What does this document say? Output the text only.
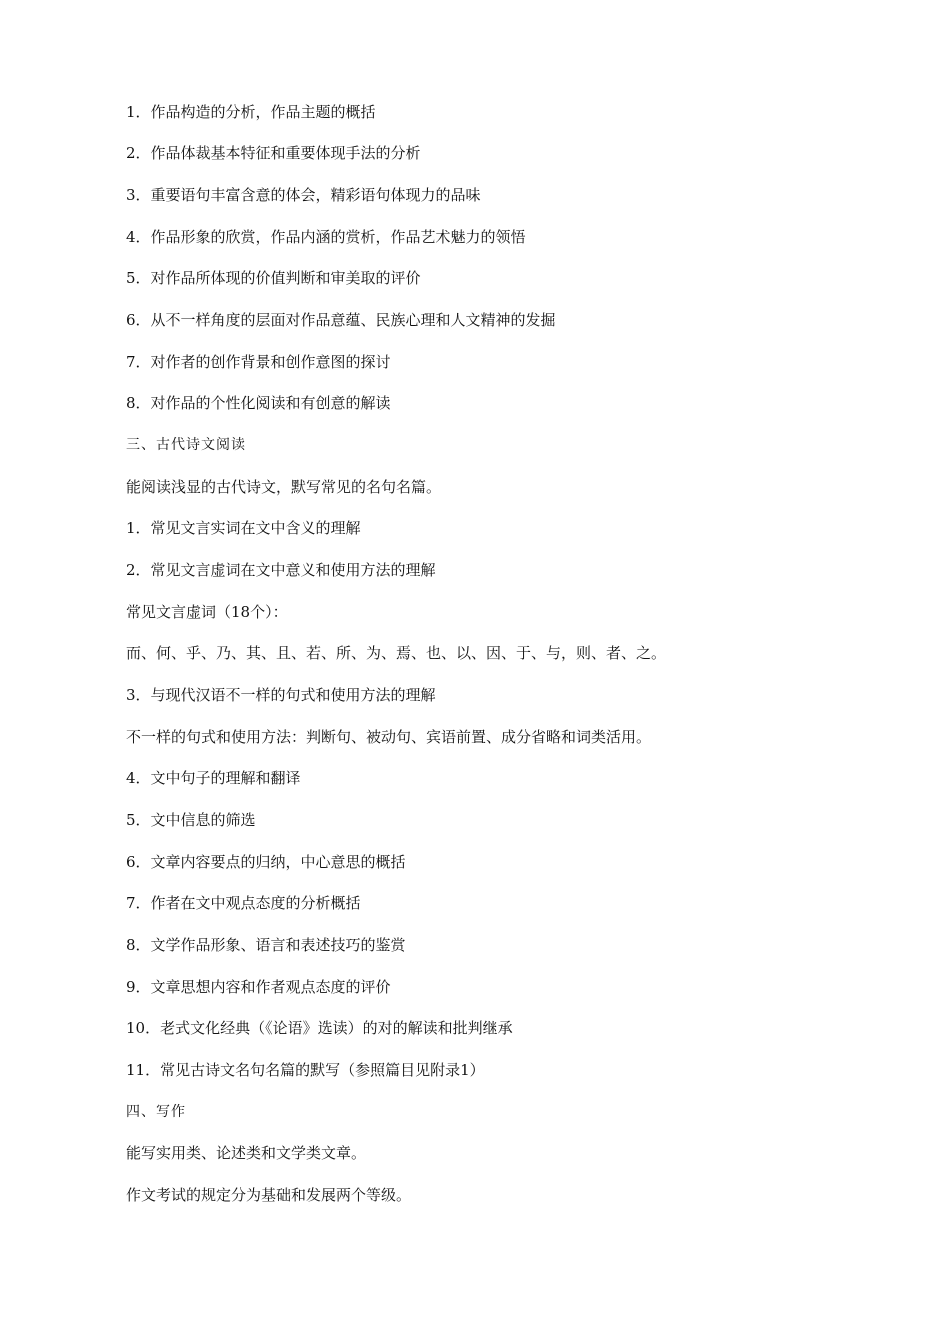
1．作品构造的分析，作品主题的概括
2．作品体裁基本特征和重要体现手法的分析
3．重要语句丰富含意的体会，精彩语句体现力的品味
4．作品形象的欣赏，作品内涵的赏析，作品艺术魅力的领悟
5．对作品所体现的价值判断和审美取的评价
6．从不一样角度的层面对作品意蕴、民族心理和人文精神的发掘
7．对作者的创作背景和创作意图的探讨
8．对作品的个性化阅读和有创意的解读
三、古代诗文阅读
能阅读浅显的古代诗文，默写常见的名句名篇。
1．常见文言实词在文中含义的理解
2．常见文言虚词在文中意义和使用方法的理解
常见文言虚词（18个）：
而、何、乎、乃、其、且、若、所、为、焉、也、以、因、于、与，则、者、之。
3．与现代汉语不一样的句式和使用方法的理解
不一样的句式和使用方法：判断句、被动句、宾语前置、成分省略和词类活用。
4．文中句子的理解和翻译
5．文中信息的筛选
6．文章内容要点的归纳，中心意思的概括
7．作者在文中观点态度的分析概括
8．文学作品形象、语言和表述技巧的鉴赏
9．文章思想内容和作者观点态度的评价
10．老式文化经典（《论语》选读）的对的解读和批判继承
11．常见古诗文名句名篇的默写（参照篇目见附录1）
四、写作
能写实用类、论述类和文学类文章。
作文考试的规定分为基础和发展两个等级。
